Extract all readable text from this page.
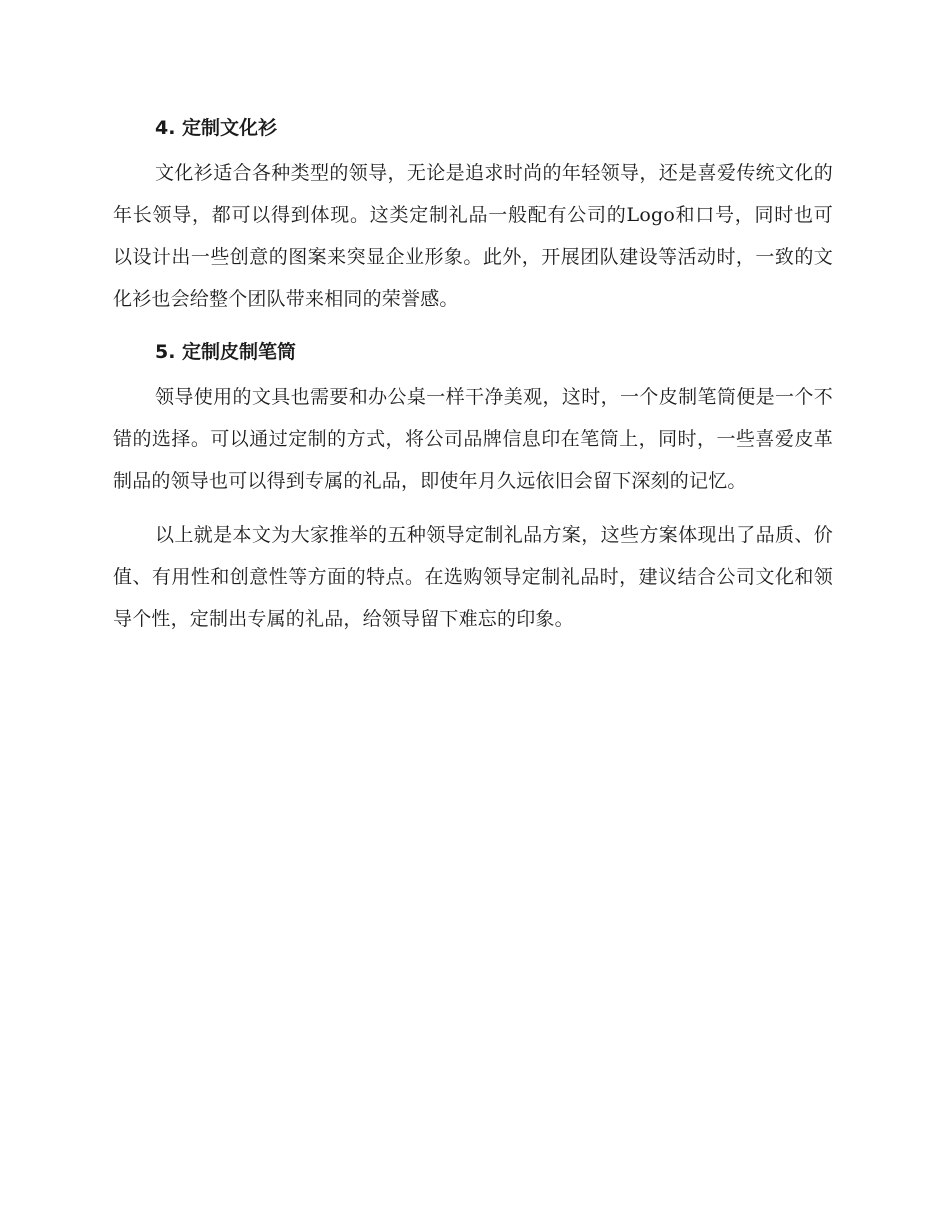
4. 定制文化衫

文化衫适合各种类型的领导，无论是追求时尚的年轻领导，还是喜爱传统文化的年长领导，都可以得到体现。这类定制礼品一般配有公司的Logo和口号，同时也可以设计出一些创意的图案来突显企业形象。此外，开展团队建设等活动时，一致的文化衫也会给整个团队带来相同的荣誉感。

5. 定制皮制笔筒

领导使用的文具也需要和办公桌一样干净美观，这时，一个皮制笔筒便是一个不错的选择。可以通过定制的方式，将公司品牌信息印在笔筒上，同时，一些喜爱皮革制品的领导也可以得到专属的礼品，即使年月久远依旧会留下深刻的记忆。

以上就是本文为大家推举的五种领导定制礼品方案，这些方案体现出了品质、价值、有用性和创意性等方面的特点。在选购领导定制礼品时，建议结合公司文化和领导个性，定制出专属的礼品，给领导留下难忘的印象。
